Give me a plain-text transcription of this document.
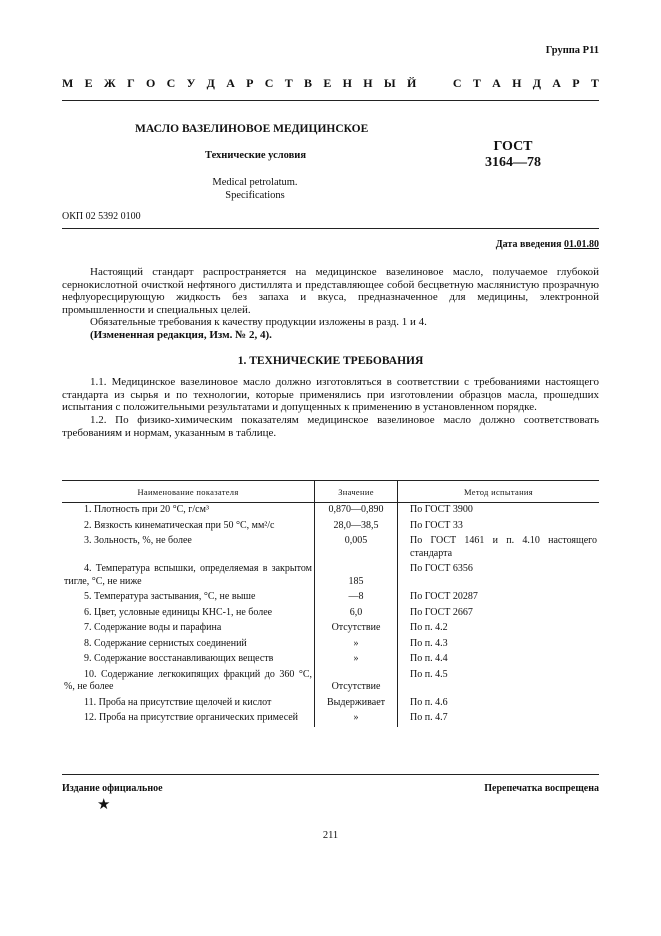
Группа Р11
М Е Ж Г О С У Д А Р С Т В Е Н Н Ы Й	С Т А Н Д А Р Т
МАСЛО ВАЗЕЛИНОВОЕ МЕДИЦИНСКОЕ
Технические условия
Medical petrolatum.
Specifications
ГОСТ
3164—78
ОКП 02 5392 0100
Дата введения 01.01.80

Настоящий стандарт распространяется на медицинское вазелиновое масло, получаемое глубокой сернокислотной очисткой нефтяного дистиллята и представляющее собой бесцветную маслянистую прозрачную нефлуоресцирующую жидкость без запаха и вкуса, предназначенное для медицины, электронной промышленности и специальных целей.

Обязательные требования к качеству продукции изложены в разд. 1 и 4.

(Измененная редакция, Изм. № 2, 4).

1. ТЕХНИЧЕСКИЕ ТРЕБОВАНИЯ

1.1. Медицинское вазелиновое масло должно изготовляться в соответствии с требованиями настоящего стандарта из сырья и по технологии, которые применялись при изготовлении образцов масла, прошедших испытания с положительными результатами и допущенных к применению в установленном порядке.

1.2. По физико-химическим показателям медицинское вазелиновое масло должно соответствовать требованиям и нормам, указанным в таблице.

Наименование показателя	Значение	Метод испытания
1. Плотность при 20 °С, г/см³	0,870—0,890	По ГОСТ 3900
2. Вязкость кинематическая при 50 °С, мм²/с	28,0—38,5	По ГОСТ 33
3. Зольность, %, не более	0,005	По ГОСТ 1461 и п. 4.10 настоящего стандарта
4. Температура вспышки, определяемая в закрытом тигле, °С, не ниже	185	По ГОСТ 6356
5. Температура застывания, °С, не выше	—8	По ГОСТ 20287
6. Цвет, условные единицы КНС-1, не более	6,0	По ГОСТ 2667
7. Содержание воды и парафина	Отсутствие	По п. 4.2
8. Содержание сернистых соединений	»	По п. 4.3
9. Содержание восстанавливающих веществ	»	По п. 4.4
10. Содержание легкокипящих фракций до 360 °С, %, не более	Отсутствие	По п. 4.5
11. Проба на присутствие щелочей и кислот	Выдерживает	По п. 4.6
12. Проба на присутствие органических примесей	»	По п. 4.7
Издание официальное	Перепечатка воспрещена
★
211
